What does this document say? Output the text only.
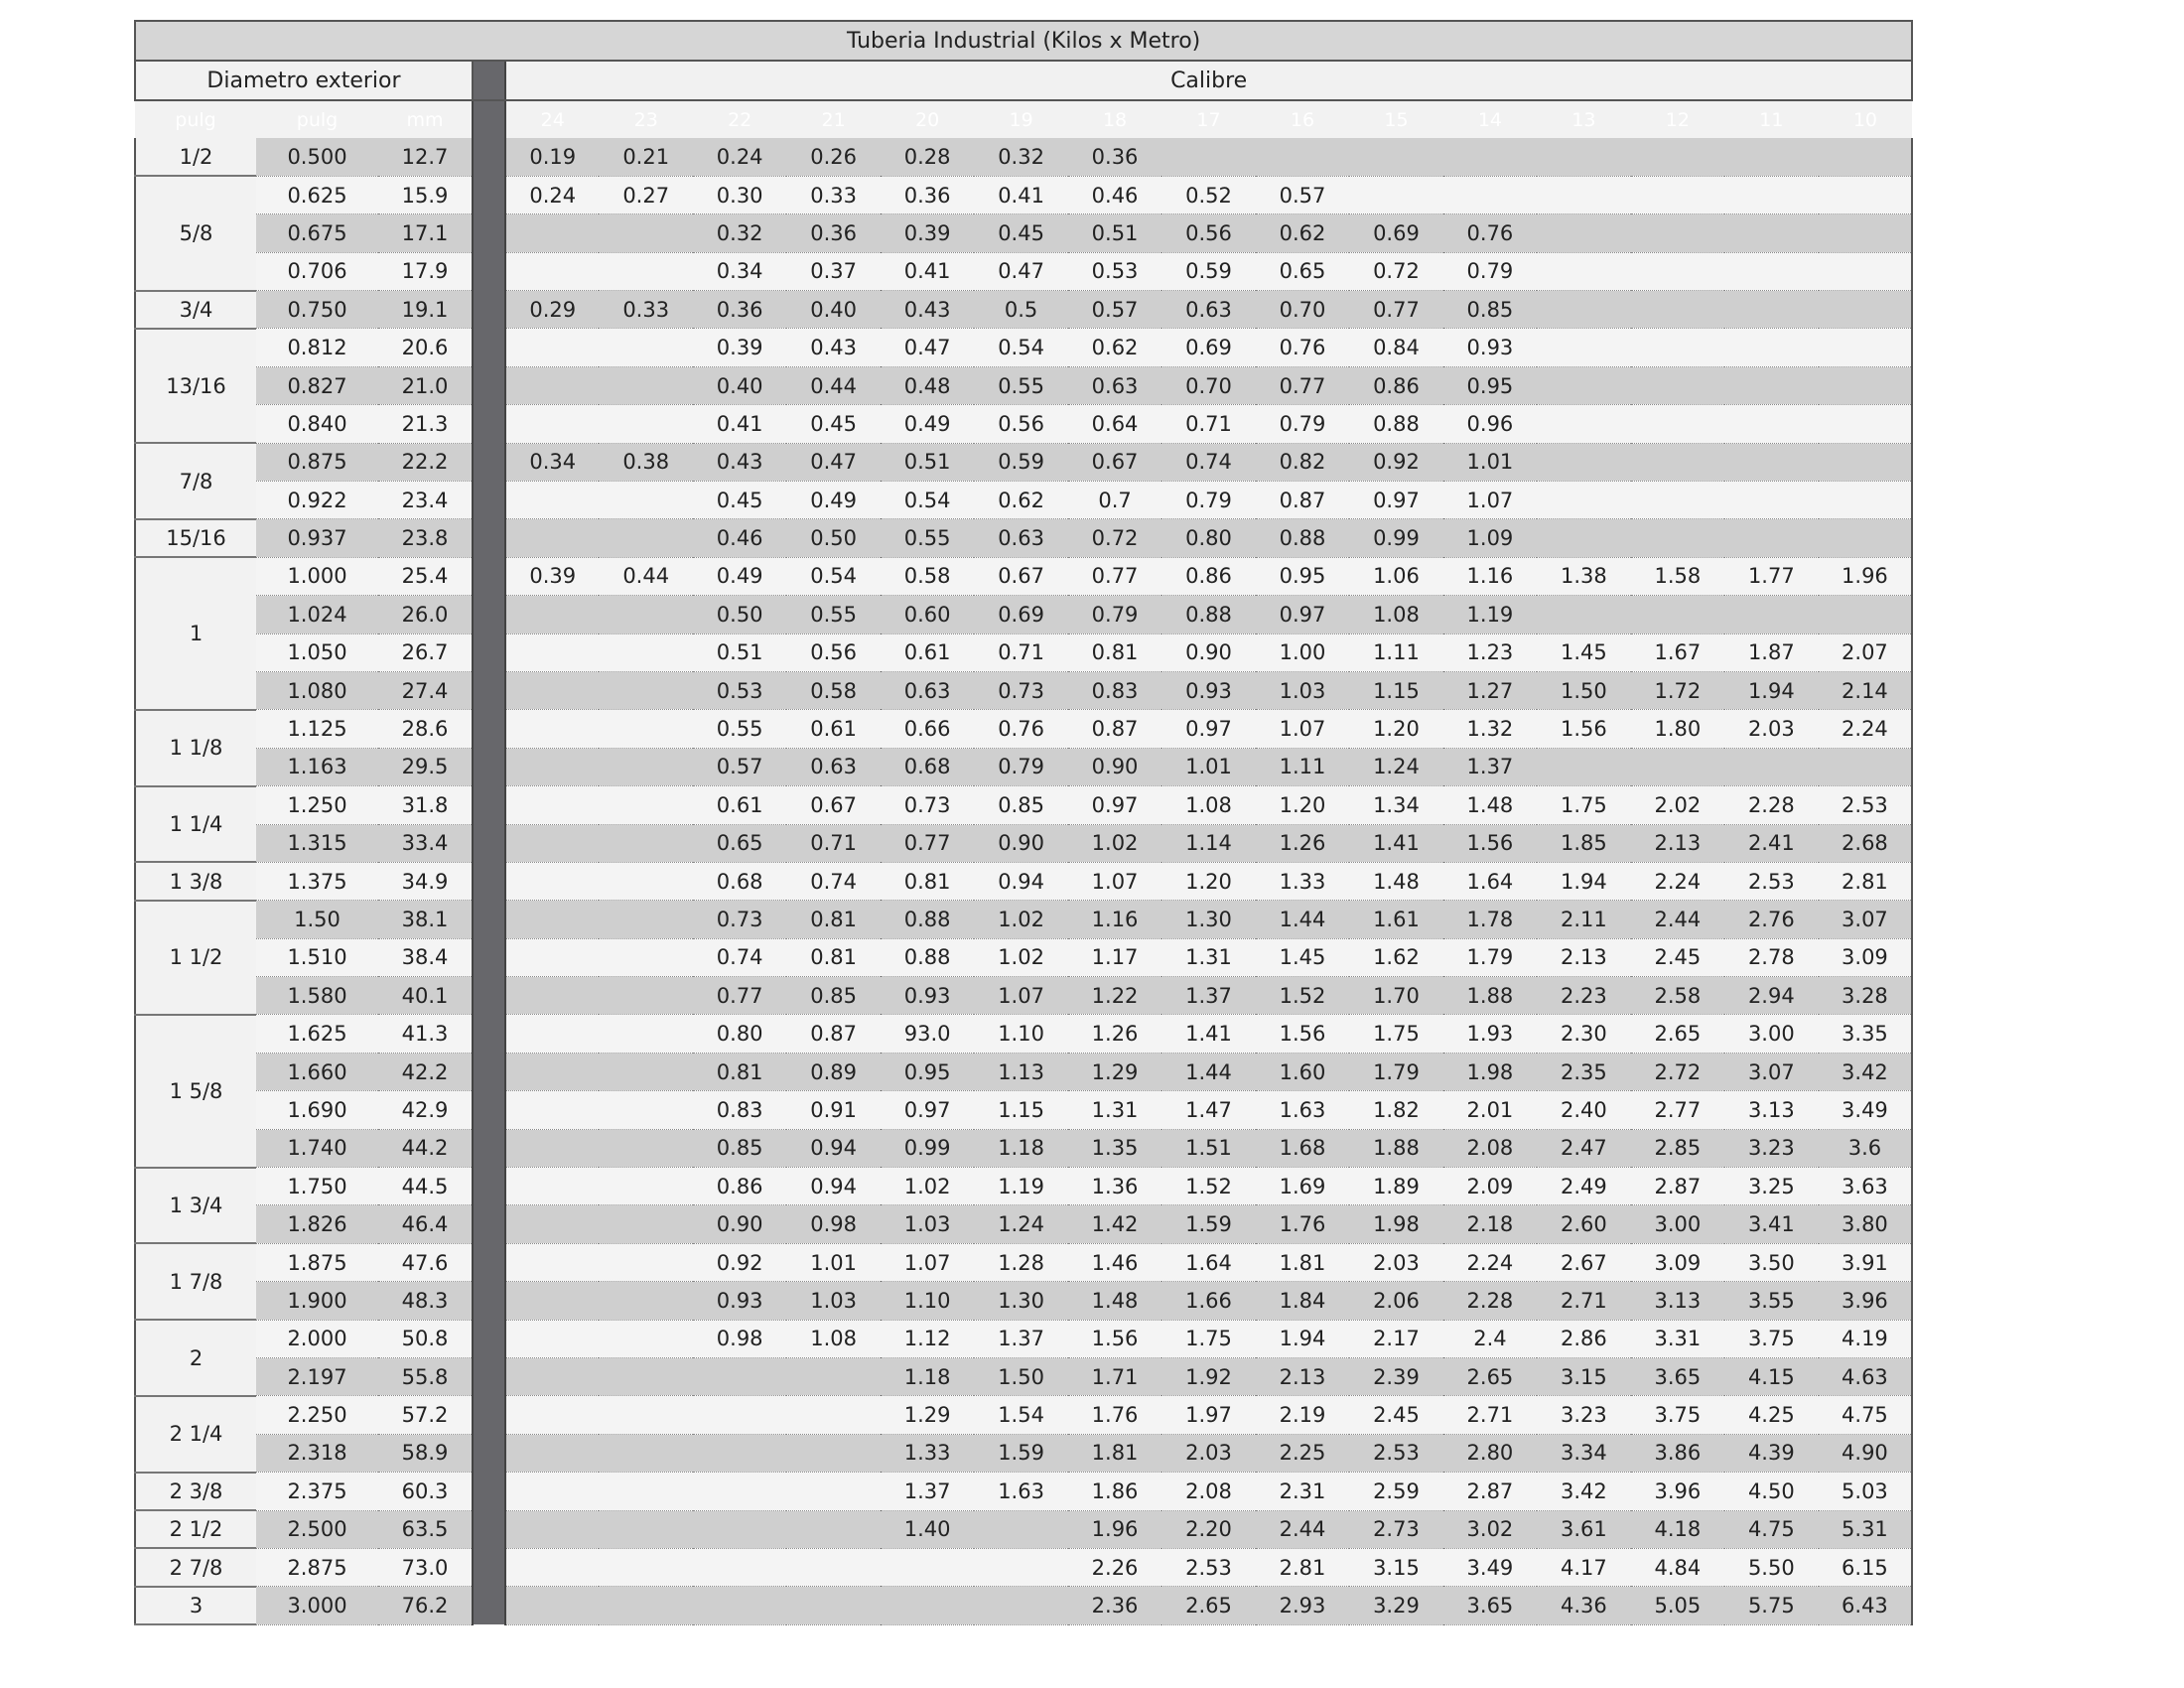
Tuberia Industrial (Kilos x Metro)																		
Diametro exterior				Calibre														
pulg	pulg	mm		24	23	22	21	20	19	18	17	16	15	14	13	12	11	10
1/2	0.500	12.7		0.19	0.21	0.24	0.26	0.28	0.32	0.36								
5/8	0.625	15.9		0.24	0.27	0.30	0.33	0.36	0.41	0.46	0.52	0.57						
	0.675	17.1				0.32	0.36	0.39	0.45	0.51	0.56	0.62	0.69	0.76				
	0.706	17.9				0.34	0.37	0.41	0.47	0.53	0.59	0.65	0.72	0.79				
3/4	0.750	19.1		0.29	0.33	0.36	0.40	0.43	0.5	0.57	0.63	0.70	0.77	0.85				
13/16	0.812	20.6				0.39	0.43	0.47	0.54	0.62	0.69	0.76	0.84	0.93				
	0.827	21.0				0.40	0.44	0.48	0.55	0.63	0.70	0.77	0.86	0.95				
	0.840	21.3				0.41	0.45	0.49	0.56	0.64	0.71	0.79	0.88	0.96				
7/8	0.875	22.2		0.34	0.38	0.43	0.47	0.51	0.59	0.67	0.74	0.82	0.92	1.01				
	0.922	23.4				0.45	0.49	0.54	0.62	0.7	0.79	0.87	0.97	1.07				
15/16	0.937	23.8				0.46	0.50	0.55	0.63	0.72	0.80	0.88	0.99	1.09				
1	1.000	25.4		0.39	0.44	0.49	0.54	0.58	0.67	0.77	0.86	0.95	1.06	1.16	1.38	1.58	1.77	1.96
	1.024	26.0				0.50	0.55	0.60	0.69	0.79	0.88	0.97	1.08	1.19				
	1.050	26.7				0.51	0.56	0.61	0.71	0.81	0.90	1.00	1.11	1.23	1.45	1.67	1.87	2.07
	1.080	27.4				0.53	0.58	0.63	0.73	0.83	0.93	1.03	1.15	1.27	1.50	1.72	1.94	2.14
1 1/8	1.125	28.6				0.55	0.61	0.66	0.76	0.87	0.97	1.07	1.20	1.32	1.56	1.80	2.03	2.24
	1.163	29.5				0.57	0.63	0.68	0.79	0.90	1.01	1.11	1.24	1.37				
1 1/4	1.250	31.8				0.61	0.67	0.73	0.85	0.97	1.08	1.20	1.34	1.48	1.75	2.02	2.28	2.53
	1.315	33.4				0.65	0.71	0.77	0.90	1.02	1.14	1.26	1.41	1.56	1.85	2.13	2.41	2.68
1 3/8	1.375	34.9				0.68	0.74	0.81	0.94	1.07	1.20	1.33	1.48	1.64	1.94	2.24	2.53	2.81
1 1/2	1.50	38.1				0.73	0.81	0.88	1.02	1.16	1.30	1.44	1.61	1.78	2.11	2.44	2.76	3.07
	1.510	38.4				0.74	0.81	0.88	1.02	1.17	1.31	1.45	1.62	1.79	2.13	2.45	2.78	3.09
	1.580	40.1				0.77	0.85	0.93	1.07	1.22	1.37	1.52	1.70	1.88	2.23	2.58	2.94	3.28
1 5/8	1.625	41.3				0.80	0.87	93.0	1.10	1.26	1.41	1.56	1.75	1.93	2.30	2.65	3.00	3.35
	1.660	42.2				0.81	0.89	0.95	1.13	1.29	1.44	1.60	1.79	1.98	2.35	2.72	3.07	3.42
	1.690	42.9				0.83	0.91	0.97	1.15	1.31	1.47	1.63	1.82	2.01	2.40	2.77	3.13	3.49
	1.740	44.2				0.85	0.94	0.99	1.18	1.35	1.51	1.68	1.88	2.08	2.47	2.85	3.23	3.6
1 3/4	1.750	44.5				0.86	0.94	1.02	1.19	1.36	1.52	1.69	1.89	2.09	2.49	2.87	3.25	3.63
	1.826	46.4				0.90	0.98	1.03	1.24	1.42	1.59	1.76	1.98	2.18	2.60	3.00	3.41	3.80
1 7/8	1.875	47.6				0.92	1.01	1.07	1.28	1.46	1.64	1.81	2.03	2.24	2.67	3.09	3.50	3.91
	1.900	48.3				0.93	1.03	1.10	1.30	1.48	1.66	1.84	2.06	2.28	2.71	3.13	3.55	3.96
2	2.000	50.8				0.98	1.08	1.12	1.37	1.56	1.75	1.94	2.17	2.4	2.86	3.31	3.75	4.19
	2.197	55.8						1.18	1.50	1.71	1.92	2.13	2.39	2.65	3.15	3.65	4.15	4.63
2 1/4	2.250	57.2						1.29	1.54	1.76	1.97	2.19	2.45	2.71	3.23	3.75	4.25	4.75
	2.318	58.9						1.33	1.59	1.81	2.03	2.25	2.53	2.80	3.34	3.86	4.39	4.90
2 3/8	2.375	60.3						1.37	1.63	1.86	2.08	2.31	2.59	2.87	3.42	3.96	4.50	5.03
2 1/2	2.500	63.5						1.40		1.96	2.20	2.44	2.73	3.02	3.61	4.18	4.75	5.31
2 7/8	2.875	73.0								2.26	2.53	2.81	3.15	3.49	4.17	4.84	5.50	6.15
3	3.000	76.2								2.36	2.65	2.93	3.29	3.65	4.36	5.05	5.75	6.43
